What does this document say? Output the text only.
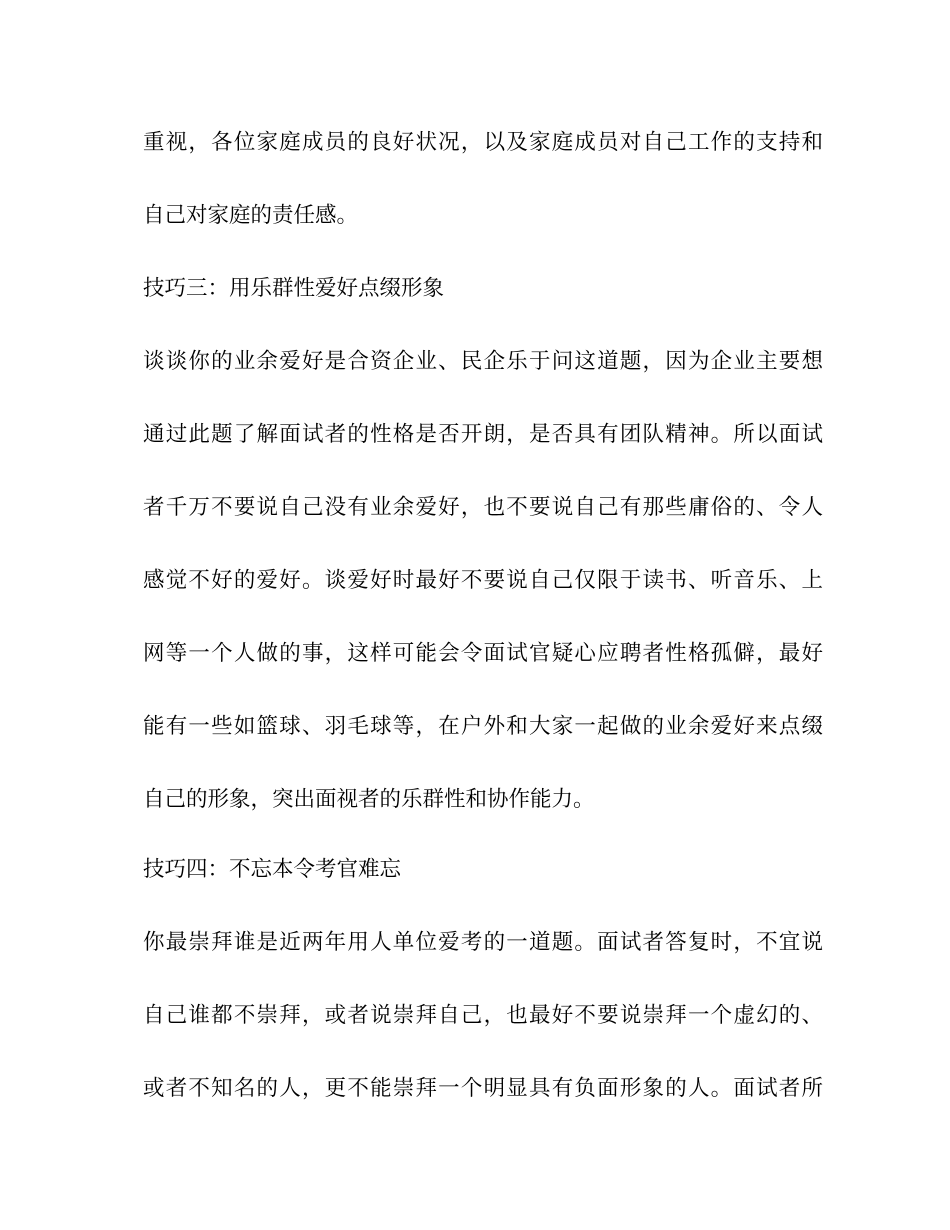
重视，各位家庭成员的良好状况，以及家庭成员对自己工作的支持和
自己对家庭的责任感。
技巧三：用乐群性爱好点缀形象
谈谈你的业余爱好是合资企业、民企乐于问这道题，因为企业主要想
通过此题了解面试者的性格是否开朗，是否具有团队精神。所以面试
者千万不要说自己没有业余爱好，也不要说自己有那些庸俗的、令人
感觉不好的爱好。谈爱好时最好不要说自己仅限于读书、听音乐、上
网等一个人做的事，这样可能会令面试官疑心应聘者性格孤僻，最好
能有一些如篮球、羽毛球等，在户外和大家一起做的业余爱好来点缀
自己的形象，突出面视者的乐群性和协作能力。
技巧四：不忘本令考官难忘
你最崇拜谁是近两年用人单位爱考的一道题。面试者答复时，不宜说
自己谁都不崇拜，或者说崇拜自己，也最好不要说崇拜一个虚幻的、
或者不知名的人，更不能崇拜一个明显具有负面形象的人。面试者所
